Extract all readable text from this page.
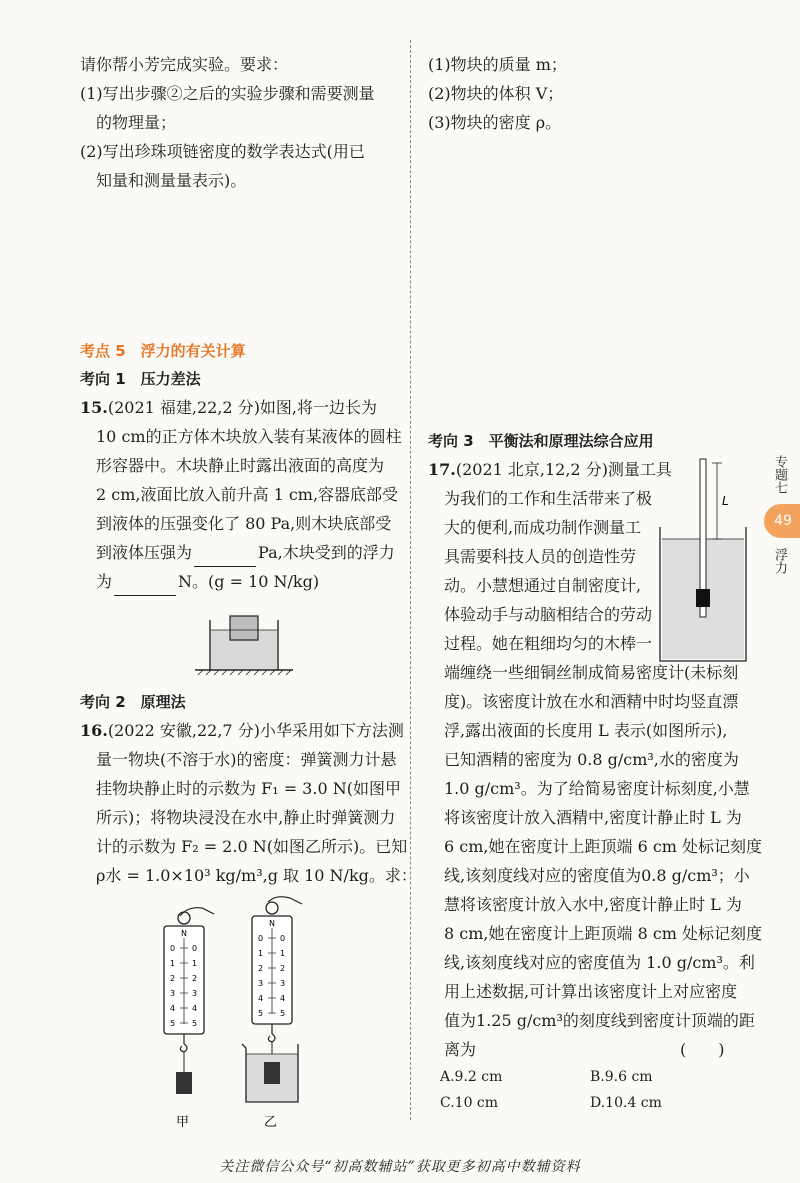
请你帮小芳完成实验。要求：
(1)写出步骤②之后的实验步骤和需要测量
的物理量；
(2)写出珍珠项链密度的数学表达式(用已
知量和测量量表示)。
考点 5　浮力的有关计算
考向 1　压力差法
15.(2021 福建,22,2 分)如图,将一边长为
10 cm的正方体木块放入装有某液体的圆柱
形容器中。木块静止时露出液面的高度为
2 cm,液面比放入前升高 1 cm,容器底部受
到液体的压强变化了 80 Pa,则木块底部受
到液体压强为	Pa,木块受到的浮力
为	N。(g = 10 N/kg)
考向 2　原理法
16.(2022 安徽,22,7 分)小华采用如下方法测
量一物块(不溶于水)的密度：弹簧测力计悬
挂物块静止时的示数为 F₁ = 3.0 N(如图甲
所示)；将物块浸没在水中,静止时弹簧测力
计的示数为 F₂ = 2.0 N(如图乙所示)。已知
ρ水 = 1.0×10³ kg/m³,g 取 10 N/kg。求：
N
0 0
1 1
2 2
3 3
4 4
5 5
甲
N
0 0
1 1
2 2
3 3
4 4
5 5
乙
(1)物块的质量 m；
(2)物块的体积 V；
(3)物块的密度 ρ。
考向 3　平衡法和原理法综合应用
17.(2021 北京,12,2 分)测量工具
为我们的工作和生活带来了极
大的便利,而成功制作测量工
具需要科技人员的创造性劳
动。小慧想通过自制密度计,
体验动手与动脑相结合的劳动
过程。她在粗细均匀的木棒一
L
端缠绕一些细铜丝制成简易密度计(未标刻
度)。该密度计放在水和酒精中时均竖直漂
浮,露出液面的长度用 L 表示(如图所示),
已知酒精的密度为 0.8 g/cm³,水的密度为
1.0 g/cm³。为了给简易密度计标刻度,小慧
将该密度计放入酒精中,密度计静止时 L 为
6 cm,她在密度计上距顶端 6 cm 处标记刻度
线,该刻度线对应的密度值为0.8 g/cm³；小
慧将该密度计放入水中,密度计静止时 L 为
8 cm,她在密度计上距顶端 8 cm 处标记刻度
线,该刻度线对应的密度值为 1.0 g/cm³。利
用上述数据,可计算出该密度计上对应密度
值为1.25 g/cm³的刻度线到密度计顶端的距
离为	(　　)
A.9.2 cm	B.9.6 cm
C.10 cm	D.10.4 cm
专题七
49
浮力
关注微信公众号“初高数辅站”获取更多初高中数辅资料
